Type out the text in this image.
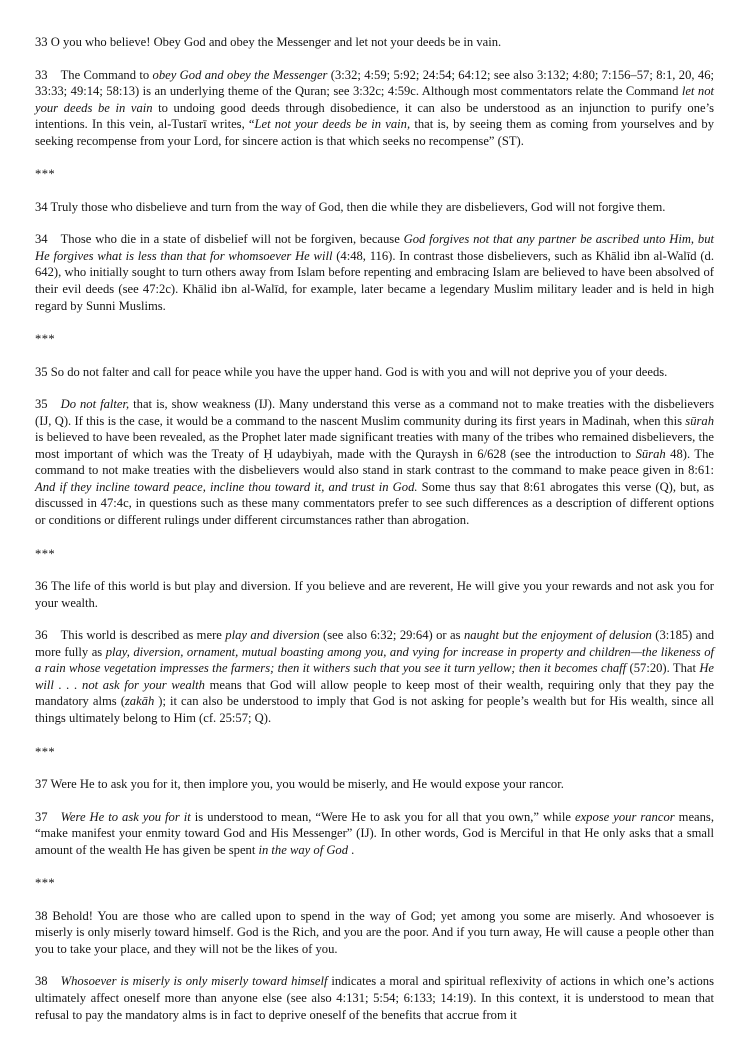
33 O you who believe! Obey God and obey the Messenger and let not your deeds be in vain.

33 The Command to obey God and obey the Messenger (3:32; 4:59; 5:92; 24:54; 64:12; see also 3:132; 4:80; 7:156–57; 8:1, 20, 46; 33:33; 49:14; 58:13) is an underlying theme of the Quran; see 3:32c; 4:59c. Although most commentators relate the Command let not your deeds be in vain to undoing good deeds through disobedience, it can also be understood as an injunction to purify one’s intentions. In this vein, al-Tustarī writes, “Let not your deeds be in vain, that is, by seeing them as coming from yourselves and by seeking recompense from your Lord, for sincere action is that which seeks no recompense” (ST).

***

34 Truly those who disbelieve and turn from the way of God, then die while they are disbelievers, God will not forgive them.

34 Those who die in a state of disbelief will not be forgiven, because God forgives not that any partner be ascribed unto Him, but He forgives what is less than that for whomsoever He will (4:48, 116). In contrast those disbelievers, such as Khālid ibn al-Walīd (d. 642), who initially sought to turn others away from Islam before repenting and embracing Islam are believed to have been absolved of their evil deeds (see 47:2c). Khālid ibn al-Walīd, for example, later became a legendary Muslim military leader and is held in high regard by Sunni Muslims.

***

35 So do not falter and call for peace while you have the upper hand. God is with you and will not deprive you of your deeds.

35 Do not falter, that is, show weakness (IJ). Many understand this verse as a command not to make treaties with the disbelievers (IJ, Q). If this is the case, it would be a command to the nascent Muslim community during its first years in Madinah, when this sūrah is believed to have been revealed, as the Prophet later made significant treaties with many of the tribes who remained disbelievers, the most important of which was the Treaty of Ḥ udaybiyah, made with the Quraysh in 6/628 (see the introduction to Sūrah 48). The command to not make treaties with the disbelievers would also stand in stark contrast to the command to make peace given in 8:61: And if they incline toward peace, incline thou toward it, and trust in God. Some thus say that 8:61 abrogates this verse (Q), but, as discussed in 47:4c, in questions such as these many commentators prefer to see such differences as a description of different options or conditions or different rulings under different circumstances rather than abrogation.

***

36 The life of this world is but play and diversion. If you believe and are reverent, He will give you your rewards and not ask you for your wealth.

36 This world is described as mere play and diversion (see also 6:32; 29:64) or as naught but the enjoyment of delusion (3:185) and more fully as play, diversion, ornament, mutual boasting among you, and vying for increase in property and children—the likeness of a rain whose vegetation impresses the farmers; then it withers such that you see it turn yellow; then it becomes chaff (57:20). That He will . . . not ask for your wealth means that God will allow people to keep most of their wealth, requiring only that they pay the mandatory alms (zakāh ); it can also be understood to imply that God is not asking for people’s wealth but for His wealth, since all things ultimately belong to Him (cf. 25:57; Q).

***

37 Were He to ask you for it, then implore you, you would be miserly, and He would expose your rancor.

37 Were He to ask you for it is understood to mean, “Were He to ask you for all that you own,” while expose your rancor means, “make manifest your enmity toward God and His Messenger” (IJ). In other words, God is Merciful in that He only asks that a small amount of the wealth He has given be spent in the way of God .

***

38 Behold! You are those who are called upon to spend in the way of God; yet among you some are miserly. And whosoever is miserly is only miserly toward himself. God is the Rich, and you are the poor. And if you turn away, He will cause a people other than you to take your place, and they will not be the likes of you.

38 Whosoever is miserly is only miserly toward himself indicates a moral and spiritual reflexivity of actions in which one’s actions ultimately affect oneself more than anyone else (see also 4:131; 5:54; 6:133; 14:19). In this context, it is understood to mean that refusal to pay the mandatory alms is in fact to deprive oneself of the benefits that accrue from it
